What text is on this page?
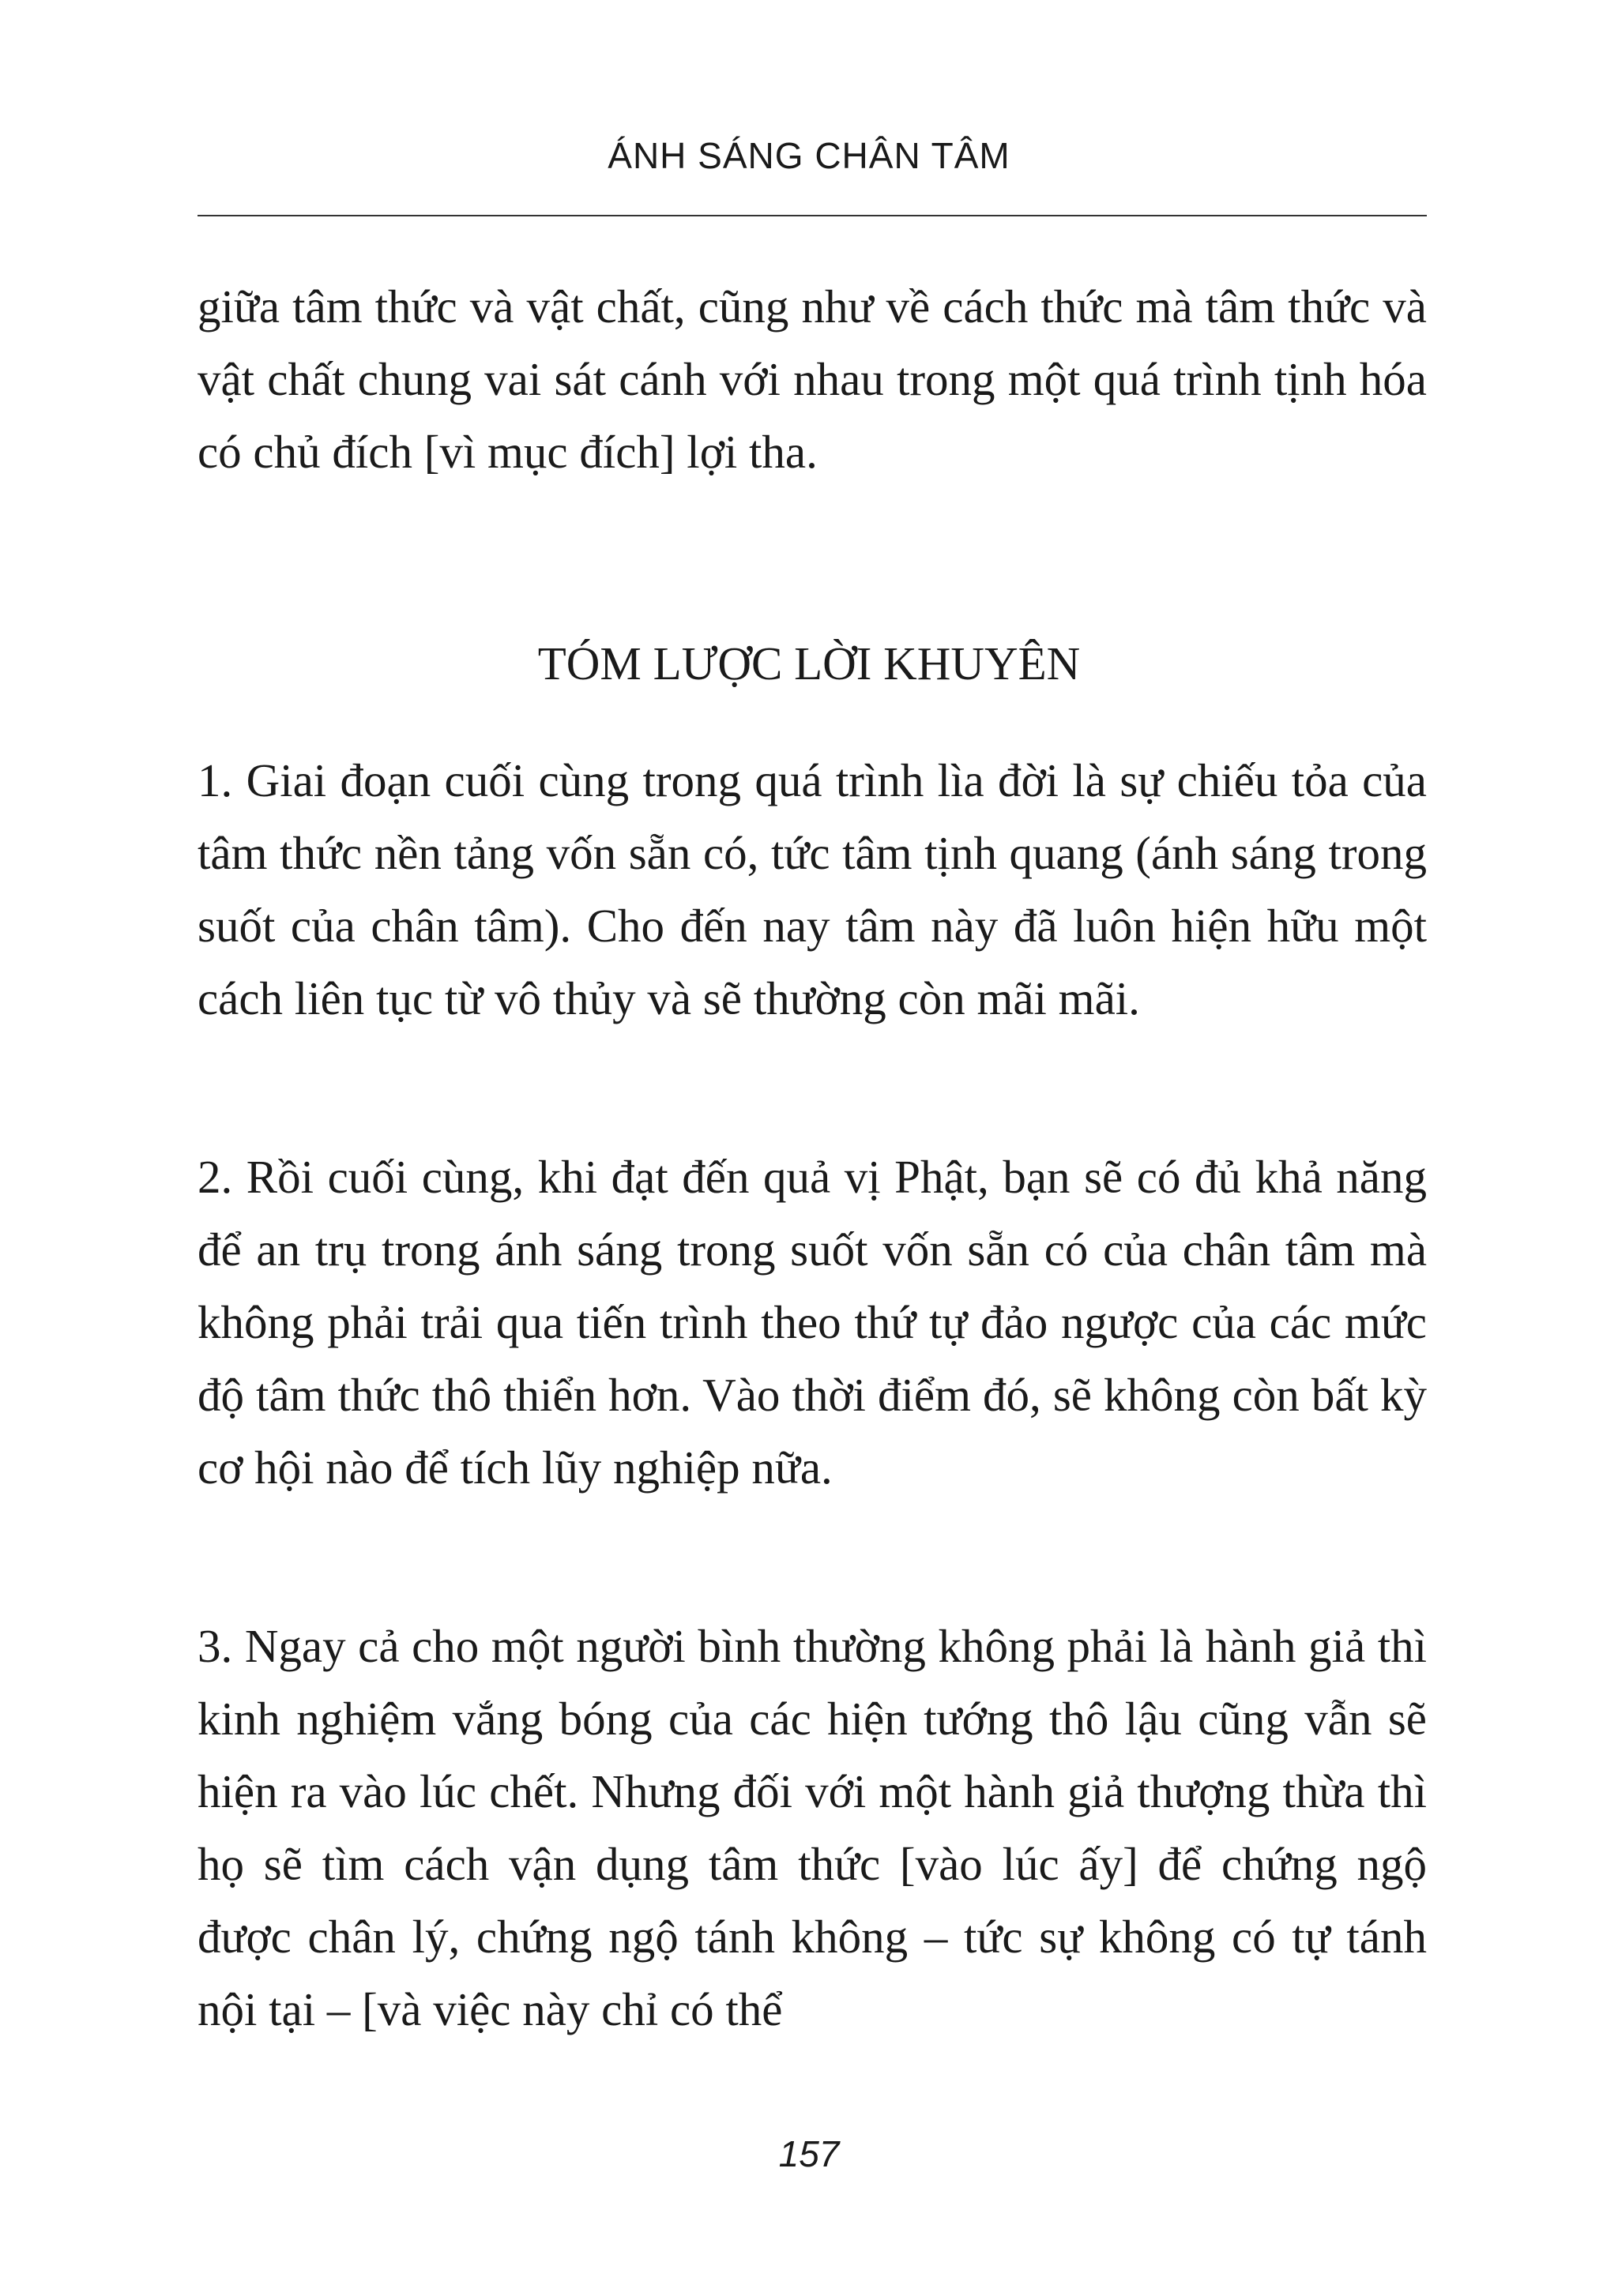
ÁNH SÁNG CHÂN TÂM

giữa tâm thức và vật chất, cũng như về cách thức mà tâm thức và vật chất chung vai sát cánh với nhau trong một quá trình tịnh hóa có chủ đích [vì mục đích] lợi tha.

TÓM LƯỢC LỜI KHUYÊN

1. Giai đoạn cuối cùng trong quá trình lìa đời là sự chiếu tỏa của tâm thức nền tảng vốn sẵn có, tức tâm tịnh quang (ánh sáng trong suốt của chân tâm). Cho đến nay tâm này đã luôn hiện hữu một cách liên tục từ vô thủy và sẽ thường còn mãi mãi.

2. Rồi cuối cùng, khi đạt đến quả vị Phật, bạn sẽ có đủ khả năng để an trụ trong ánh sáng trong suốt vốn sẵn có của chân tâm mà không phải trải qua tiến trình theo thứ tự đảo ngược của các mức độ tâm thức thô thiển hơn. Vào thời điểm đó, sẽ không còn bất kỳ cơ hội nào để tích lũy nghiệp nữa.

3. Ngay cả cho một người bình thường không phải là hành giả thì kinh nghiệm vắng bóng của các hiện tướng thô lậu cũng vẫn sẽ hiện ra vào lúc chết. Nhưng đối với một hành giả thượng thừa thì họ sẽ tìm cách vận dụng tâm thức [vào lúc ấy] để chứng ngộ được chân lý, chứng ngộ tánh không – tức sự không có tự tánh nội tại – [và việc này chỉ có thể

157
